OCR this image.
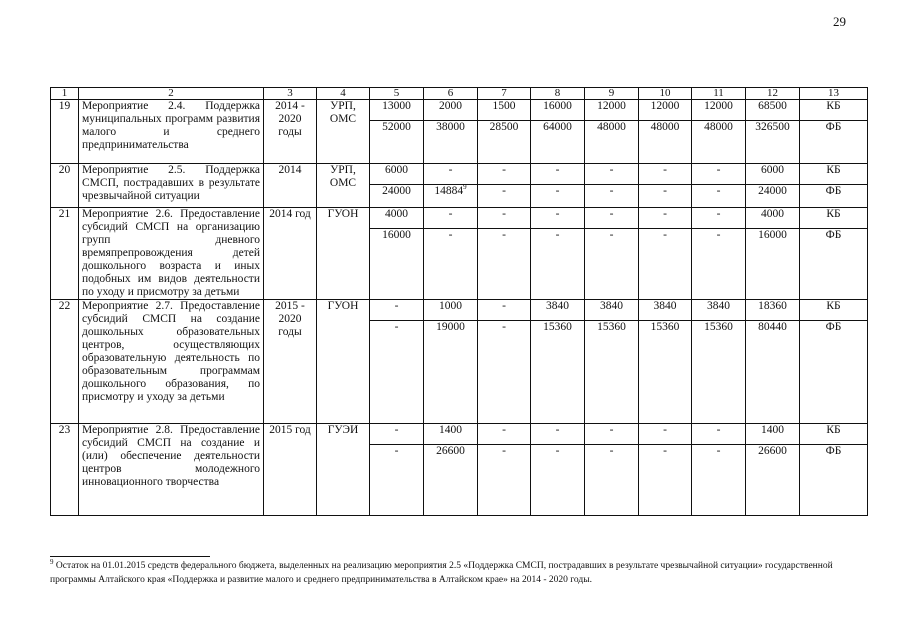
29
1	2	3	4	5	6	7	8	9	10	11	12	13
19	Мероприятие 2.4. Поддержка муниципальных программ развития малого и среднего предпринимательства	2014 - 2020 годы	УРП, ОМС	13000	2000	1500	16000	12000	12000	12000	68500	КБ
				52000	38000	28500	64000	48000	48000	48000	326500	ФБ
20	Мероприятие 2.5. Поддержка СМСП, пострадавших в результате чрезвычайной ситуации	2014	УРП, ОМС	6000	-	-	-	-	-	-	6000	КБ
				24000	14884$^9$	-	-	-	-	-	24000	ФБ
21	Мероприятие 2.6. Предоставление субсидий СМСП на организацию групп дневного времяпрепровождения детей дошкольного возраста и иных подобных им видов деятельности по уходу и присмотру за детьми	2014 год	ГУОН	4000	-	-	-	-	-	-	4000	КБ
				16000	-	-	-	-	-	-	16000	ФБ
22	Мероприятие 2.7. Предоставление субсидий СМСП на создание дошкольных образовательных центров, осуществляющих образовательную деятельность по образовательным программам дошкольного образования, по присмотру и уходу за детьми	2015 - 2020 годы	ГУОН	-	1000	-	3840	3840	3840	3840	18360	КБ
				-	19000	-	15360	15360	15360	15360	80440	ФБ
23	Мероприятие 2.8. Предоставление субсидий СМСП на создание и (или) обеспечение деятельности центров молодежного инновационного творчества	2015 год	ГУЭИ	-	1400	-	-	-	-	-	1400	КБ
				-	26600	-	-	-	-	-	26600	ФБ
$^9$ Остаток на 01.01.2015 средств федерального бюджета, выделенных на реализацию мероприятия 2.5 «Поддержка СМСП, пострадавших в результате чрезвычайной ситуации» государственной программы Алтайского края «Поддержка и развитие малого и среднего предпринимательства в Алтайском крае» на 2014 - 2020 годы.
